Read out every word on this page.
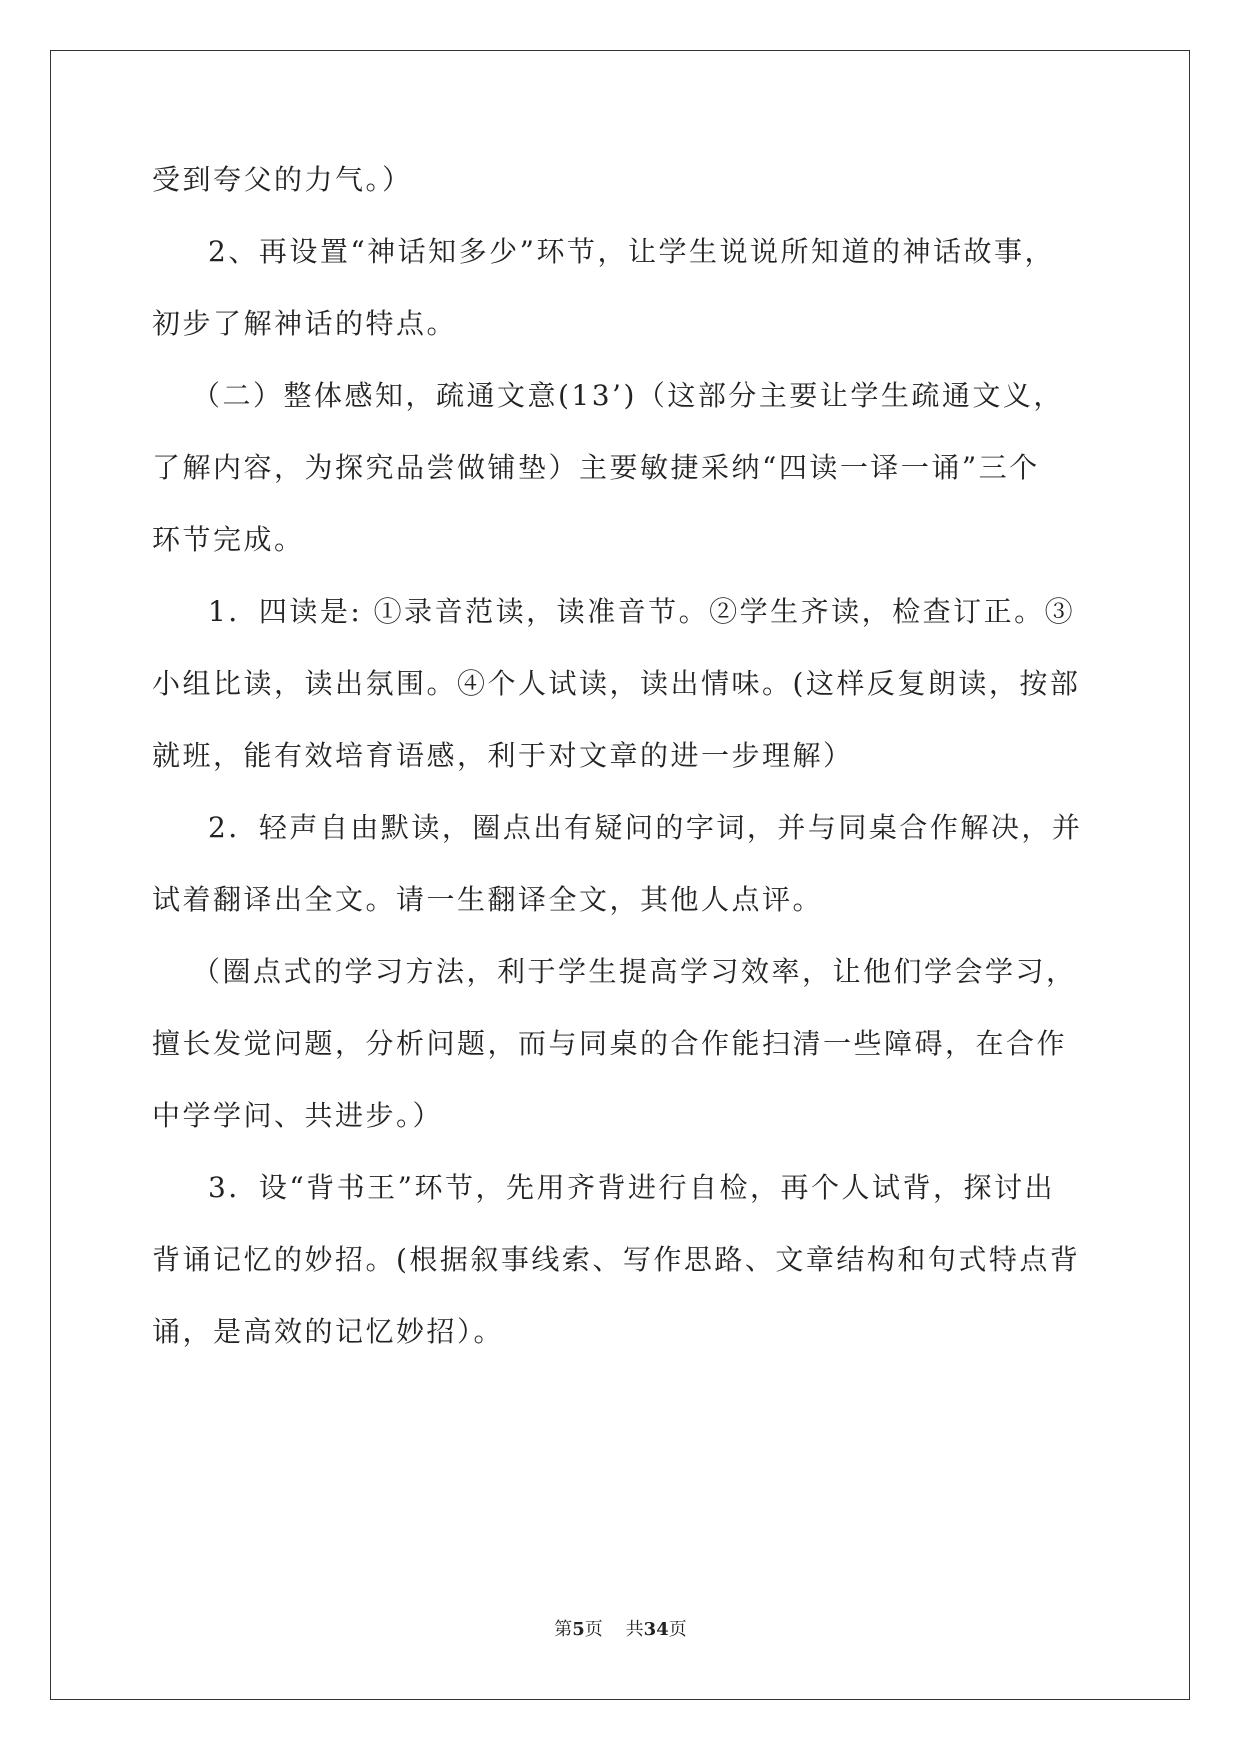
受到夸父的力气。）
2、再设置“神话知多少”环节，让学生说说所知道的神话故事，
初步了解神话的特点。
（二）整体感知，疏通文意(13’)（这部分主要让学生疏通文义，
了解内容，为探究品尝做铺垫）主要敏捷采纳“四读一译一诵”三个
环节完成。
1．四读是: ①录音范读，读准音节。②学生齐读，检查订正。③
小组比读，读出氛围。④个人试读，读出情味。(这样反复朗读，按部
就班，能有效培育语感，利于对文章的进一步理解）
2．轻声自由默读，圈点出有疑问的字词，并与同桌合作解决，并
试着翻译出全文。请一生翻译全文，其他人点评。
（圈点式的学习方法，利于学生提高学习效率，让他们学会学习，
擅长发觉问题，分析问题，而与同桌的合作能扫清一些障碍，在合作
中学学问、共进步。）
3．设“背书王”环节，先用齐背进行自检，再个人试背，探讨出
背诵记忆的妙招。(根据叙事线索、写作思路、文章结构和句式特点背
诵，是高效的记忆妙招）。
第5页 共34页
